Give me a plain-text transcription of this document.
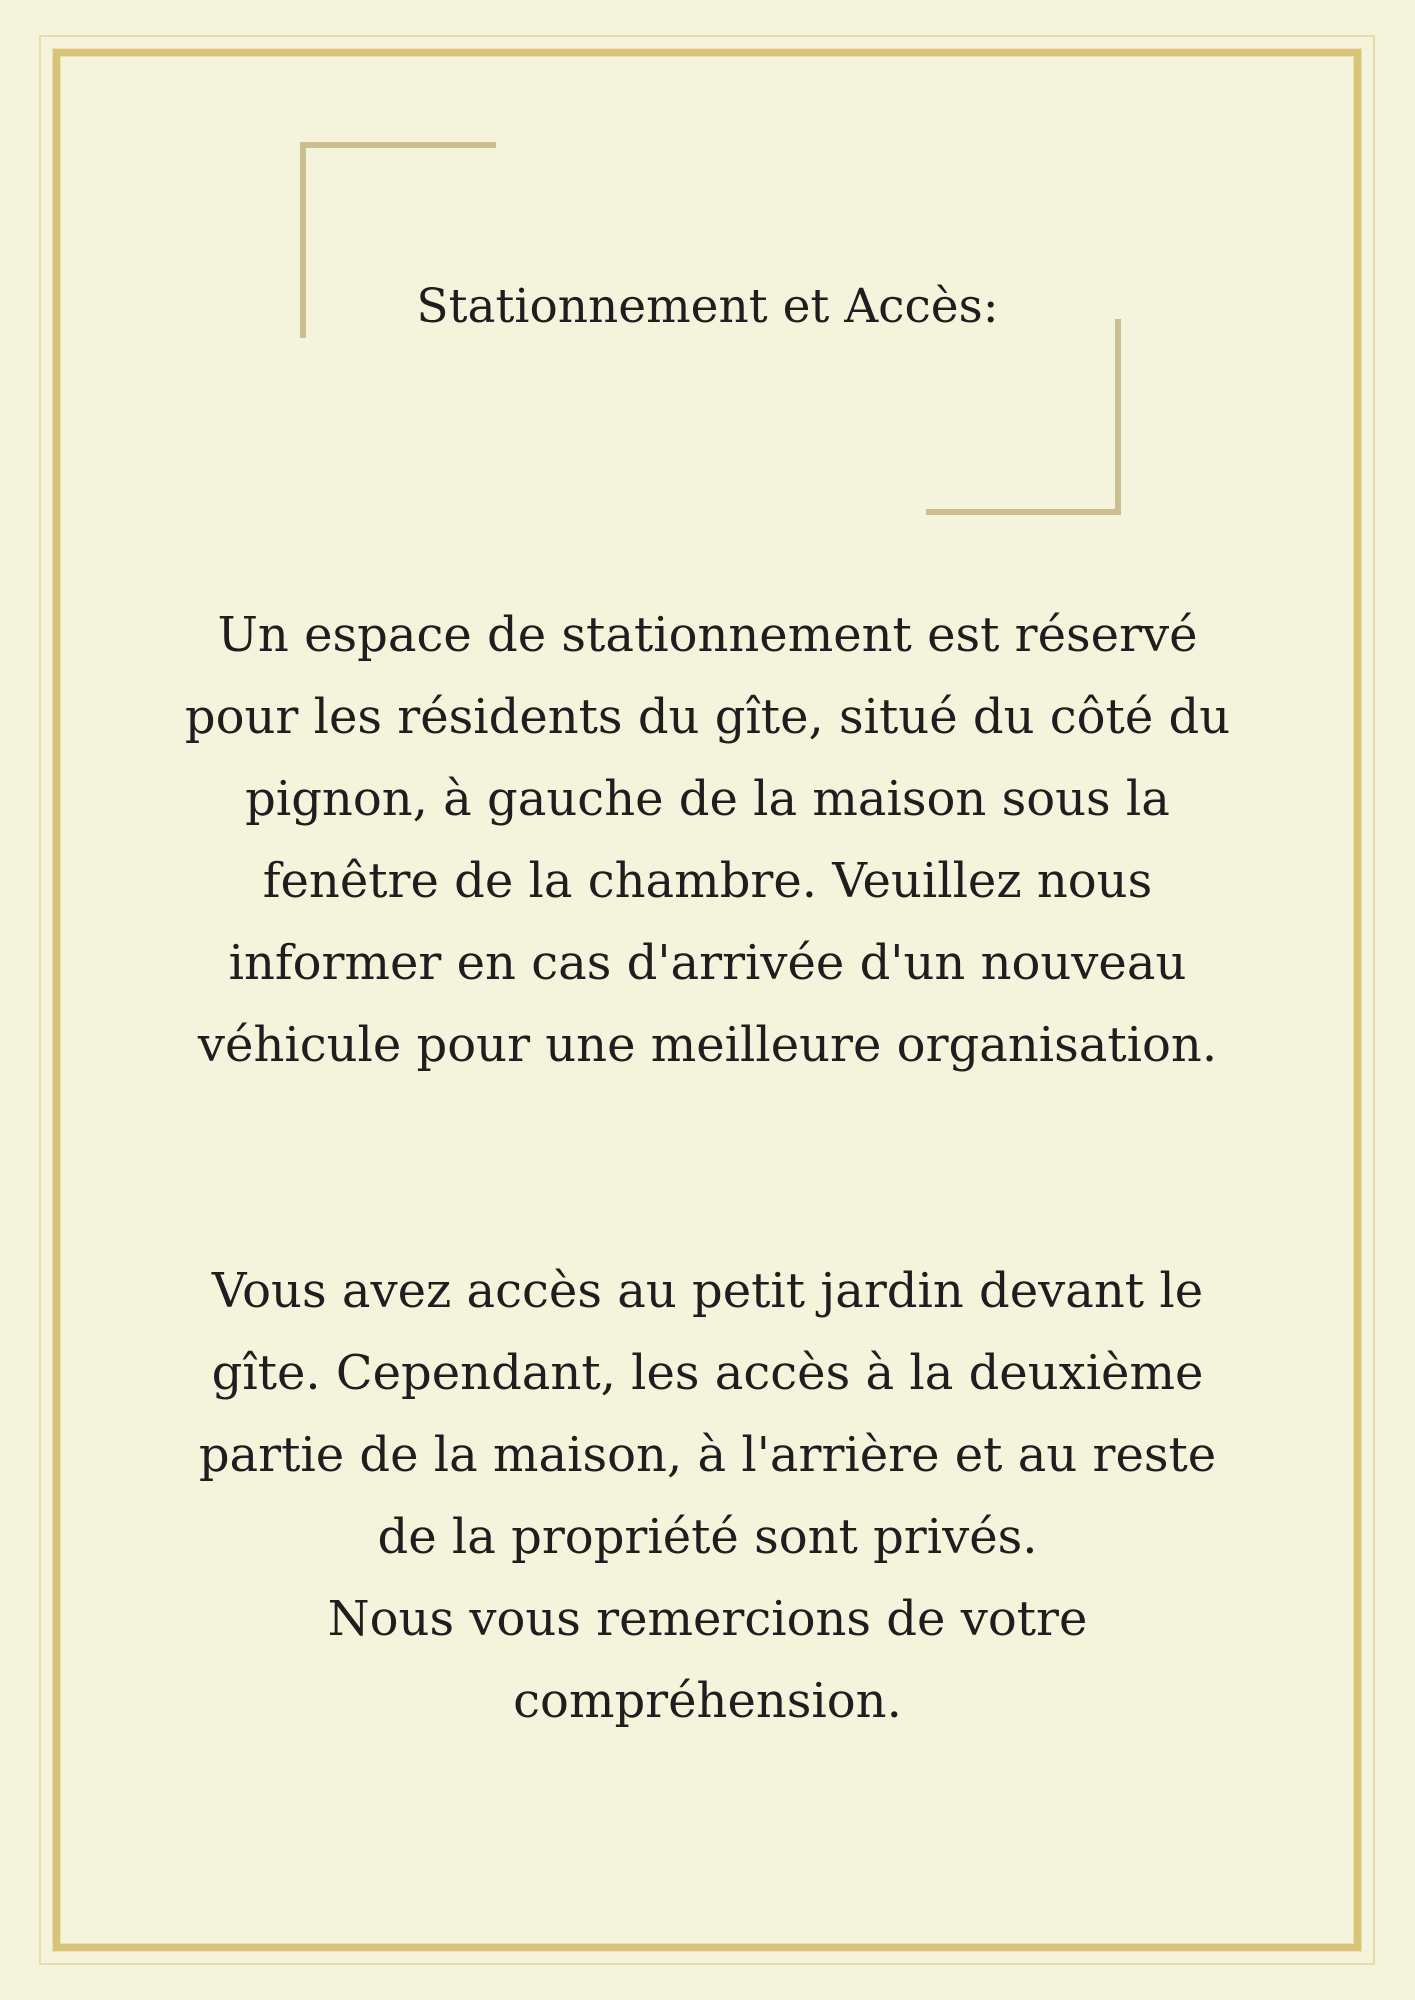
Stationnement et Accès:

Un espace de stationnement est réservé
pour les résidents du gîte, situé du côté du
pignon, à gauche de la maison sous la
fenêtre de la chambre. Veuillez nous
informer en cas d'arrivée d'un nouveau
véhicule pour une meilleure organisation.

Vous avez accès au petit jardin devant le
gîte. Cependant, les accès à la deuxième
partie de la maison, à l'arrière et au reste
de la propriété sont privés.
Nous vous remercions de votre
compréhension.
